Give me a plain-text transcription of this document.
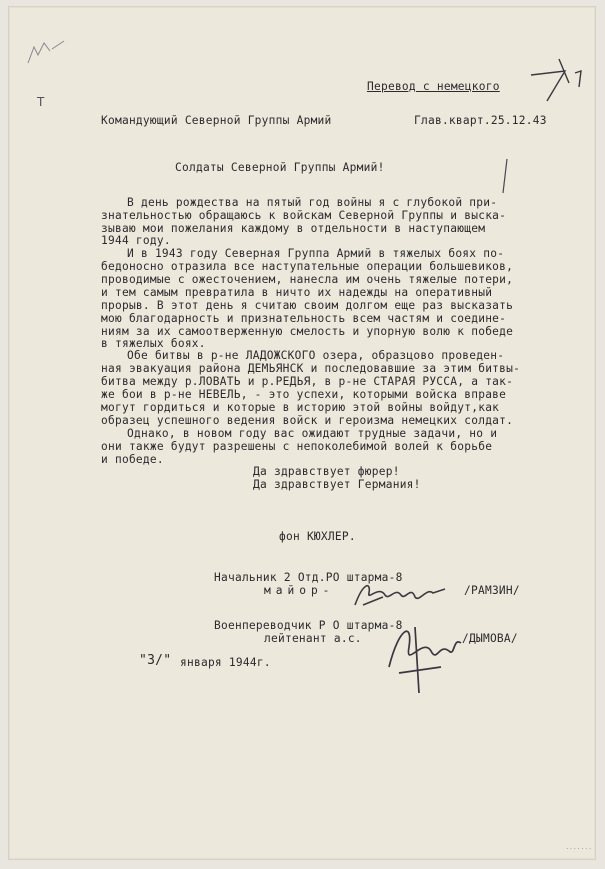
Т
Перевод с немецкого
Командующий Северной Группы Армий	Глав.кварт.25.12.43
Солдаты Северной Группы Армий!
В день рождества на пятый год войны я с глубокой при-
знательностью обращаюсь к войскам Северной Группы и выска-
зываю мои пожелания каждому в отдельности в наступающем
1944 году.
И в 1943 году Северная Группа Армий в тяжелых боях по-
бедоносно отразила все наступательные операции большевиков,
проводимые с ожесточением, нанесла им очень тяжелые потери,
и тем самым превратила в ничто их надежды на оперативный
прорыв. В этот день я считаю своим долгом еще раз высказать
мою благодарность и признательность всем частям и соедине-
ниям за их самоотверженную смелость и упорную волю к победе
в тяжелых боях.
Обе битвы в р-не ЛАДОЖСКОГО озера, образцово проведен-
ная эвакуация района ДЕМЬЯНСК и последовавшие за этим битвы-
битва между р.ЛОВАТЬ и р.РЕДЬЯ, в р-не СТАРАЯ РУССА, а так-
же бои в р-не НЕВЕЛЬ, - это успехи, которыми войска вправе
могут гордиться и которые в историю этой войны войдут,как
образец успешного ведения войск и героизма немецких солдат.
Однако, в новом году вас ожидают трудные задачи, но и
они также будут разрешены с непоколебимой волей к борьбе
и победе.
Да здравствует фюрер!
Да здравствует Германия!
фон КЮХЛЕР.
Начальник 2 Отд.РО штарма-8
майор-	/РАМЗИН/
Военпереводчик Р О штарма-8
лейтенант а.с.	/ДЫМОВА/
"3/" января 1944г.
· · · · · · ·
